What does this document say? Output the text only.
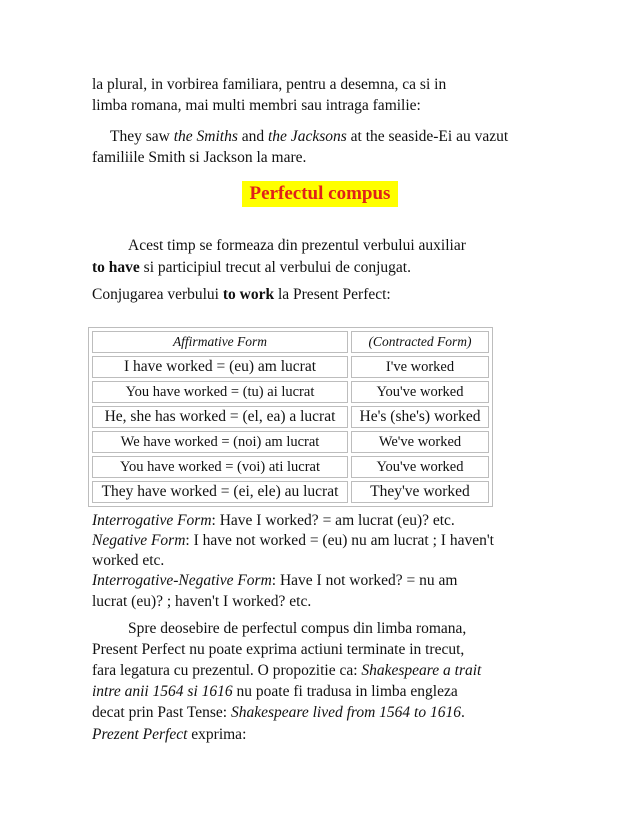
la plural, in vorbirea familiara, pentru a desemna, ca si in
limba romana, mai multi membri sau intraga familie:
They saw the Smiths and the Jacksons at the seaside-Ei au vazut
familiile Smith si Jackson la mare.
Perfectul compus
Acest timp se formeaza din prezentul verbului auxiliar
to have si participiul trecut al verbului de conjugat.
Conjugarea verbului to work la Present Perfect:
Affirmative Form	(Contracted Form)
I have worked = (eu) am lucrat	I've worked
You have worked = (tu) ai lucrat	You've worked
He, she has worked = (el, ea) a lucrat	He's (she's) worked
We have worked = (noi) am lucrat	We've worked
You have worked = (voi) ati lucrat	You've worked
They have worked = (ei, ele) au lucrat	They've worked
Interrogative Form: Have I worked? = am lucrat (eu)? etc.
Negative Form: I have not worked = (eu) nu am lucrat ; I haven't
worked etc.
Interrogative-Negative Form: Have I not worked? = nu am
lucrat (eu)? ; haven't I worked? etc.
Spre deosebire de perfectul compus din limba romana,
Present Perfect nu poate exprima actiuni terminate in trecut,
fara legatura cu prezentul. O propozitie ca: Shakespeare a trait
intre anii 1564 si 1616 nu poate fi tradusa in limba engleza
decat prin Past Tense: Shakespeare lived from 1564 to 1616.
Prezent Perfect exprima:
